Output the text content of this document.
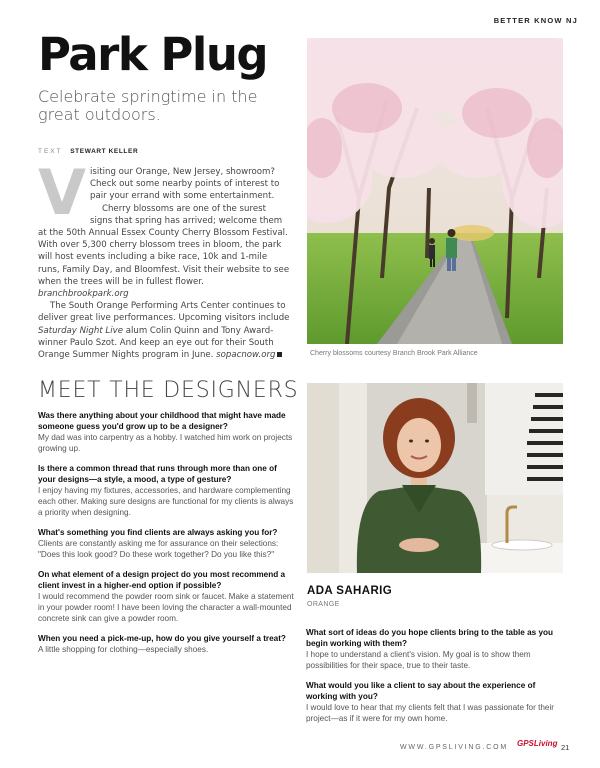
BETTER KNOW NJ
Park Plug
Celebrate springtime in the great outdoors.
TEXT STEWART KELLER
V isiting our Orange, New Jersey, showroom?
Check out some nearby points of interest to
pair your errand with some entertainment.

Cherry blossoms are one of the surest signs that spring has arrived; welcome them at the 50th Annual Essex County Cherry Blossom Festival. With over 5,300 cherry blossom trees in bloom, the park will host events including a bike race, 10k and 1-mile runs, Family Day, and Bloomfest. Visit their website to see when the trees will be in fullest flower. branchbrookpark.org

The South Orange Performing Arts Center continues to deliver great live performances. Upcoming visitors include Saturday Night Live alum Colin Quinn and Tony Award-winner Paulo Szot. And keep an eye out for their South Orange Summer Nights program in June. sopacnow.org	Cherry blossoms courtesy Branch Brook Park Alliance
MEET THE DESIGNERS
Was there anything about your childhood that might have made someone guess you'd grow up to be a designer?
My dad was into carpentry as a hobby. I watched him work on projects growing up.
Is there a common thread that runs through more than one of your designs—a style, a mood, a type of gesture?
I enjoy having my fixtures, accessories, and hardware complementing each other. Making sure designs are functional for my clients is always a priority when designing.
What's something you find clients are always asking you for?
Clients are constantly asking me for assurance on their selections: "Does this look good? Do these work together? Do you like this?"
On what element of a design project do you most recommend a client invest in a higher-end option if possible?
I would recommend the powder room sink or faucet. Make a statement in your powder room! I have been loving the character a wall-mounted concrete sink can give a powder room.
When you need a pick-me-up, how do you give yourself a treat?
A little shopping for clothing—especially shoes.
ADA SAHARIG
ORANGE
What sort of ideas do you hope clients bring to the table as you begin working with them?
I hope to understand a client's vision. My goal is to show them possibilities for their space, true to their taste.
What would you like a client to say about the experience of working with you?
I would love to hear that my clients felt that I was passionate for their project—as if it were for my own home.
WWW.GPSLIVING.COM GPSLiving 21
